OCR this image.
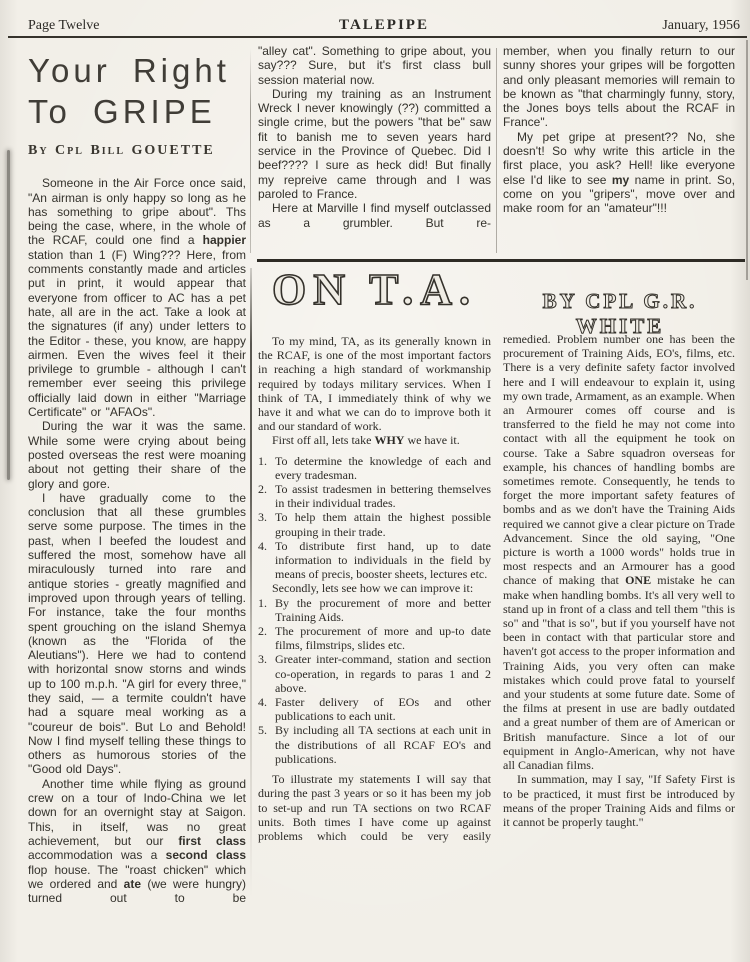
Page Twelve	TALEPIPE	January, 1956
Your Right
To GRIPE
By Cpl Bill GOUETTE
Someone in the Air Force once said, "An airman is only happy so long as he has something to gripe about". Ths being the case, where, in the whole of the RCAF, could one find a happier station than 1 (F) Wing??? Here, from comments constantly made and articles put in print, it would appear that everyone from officer to AC has a pet hate, all are in the act. Take a look at the signatures (if any) under letters to the Editor - these, you know, are happy airmen. Even the wives feel it their privilege to grumble - although I can't remember ever seeing this privilege officially laid down in either "Marriage Certificate" or "AFAOs".
During the war it was the same. While some were crying about being posted overseas the rest were moaning about not getting their share of the glory and gore.
I have gradually come to the conclusion that all these grumbles serve some purpose. The times in the past, when I beefed the loudest and suffered the most, somehow have all miraculously turned into rare and antique stories - greatly magnified and improved upon through years of telling. For instance, take the four months spent grouching on the island Shemya (known as the "Florida of the Aleutians"). Here we had to contend with horizontal snow storns and winds up to 100 m.p.h. "A girl for every three," they said, — a termite couldn't have had a square meal working as a "coureur de bois". But Lo and Behold! Now I find myself telling these things to others as humorous stories of the "Good old Days".
Another time while flying as ground crew on a tour of Indo-China we let down for an overnight stay at Saigon. This, in itself, was no great achievement, but our first class accommodation was a second class flop house. The "roast chicken" which we ordered and ate (we were hungry) turned out to be
"alley cat". Something to gripe about, you say??? Sure, but it's first class bull session material now.
During my training as an Instrument Wreck I never knowingly (??) committed a single crime, but the powers "that be" saw fit to banish me to seven years hard service in the Province of Quebec. Did I beef???? I sure as heck did! But finally my repreive came through and I was paroled to France.
Here at Marville I find myself outclassed as a grumbler. But re-
member, when you finally return to our sunny shores your gripes will be forgotten and only pleasant memories will remain to be known as "that charmingly funny, story, the Jones boys tells about the RCAF in France".
My pet gripe at present?? No, she doesn't! So why write this article in the first place, you ask? Hell! like everyone else I'd like to see my name in print. So, come on you "gripers", move over and make room for an "amateur"!!!
ON T.A.	BY CPL G.R. WHITE
To my mind, TA, as its generally known in the RCAF, is one of the most important factors in reaching a high standard of workmanship required by todays military services. When I think of TA, I immediately think of why we have it and what we can do to improve both it and our standard of work.
First off all, lets take WHY we have it.
1. To determine the knowledge of each and every tradesman.
2. To assist tradesmen in bettering themselves in their individual trades.
3. To help them attain the highest possible grouping in their trade.
4. To distribute first hand, up to date information to individuals in the field by means of precis, booster sheets, lectures etc.
Secondly, lets see how we can improve it:
1. By the procurement of more and better Training Aids.
2. The procurement of more and up-to date films, filmstrips, slides etc.
3. Greater inter-command, station and section co-operation, in regards to paras 1 and 2 above.
4. Faster delivery of EOs and other publications to each unit.
5. By including all TA sections at each unit in the distributions of all RCAF EO's and publications.
To illustrate my statements I will say that during the past 3 years or so it has been my job to set-up and run TA sections on two RCAF units. Both times I have come up against problems which could be very easily
remedied. Problem number one has been the procurement of Training Aids, EO's, films, etc. There is a very definite safety factor involved here and I will endeavour to explain it, using my own trade, Armament, as an example. When an Armourer comes off course and is transferred to the field he may not come into contact with all the equipment he took on course. Take a Sabre squadron overseas for example, his chances of handling bombs are sometimes remote. Consequently, he tends to forget the more important safety features of bombs and as we don't have the Training Aids required we cannot give a clear picture on Trade Advancement. Since the old saying, "One picture is worth a 1000 words" holds true in most respects and an Armourer has a good chance of making that ONE mistake he can make when handling bombs. It's all very well to stand up in front of a class and tell them "this is so" and "that is so", but if you yourself have not been in contact with that particular store and haven't got access to the proper information and Training Aids, you very often can make mistakes which could prove fatal to yourself and your students at some future date. Some of the films at present in use are badly outdated and a great number of them are of American or British manufacture. Since a lot of our equipment in Anglo-American, why not have all Canadian films.
In summation, may I say, "If Safety First is to be practiced, it must first be introduced by means of the proper Training Aids and films or it cannot be properly taught."
